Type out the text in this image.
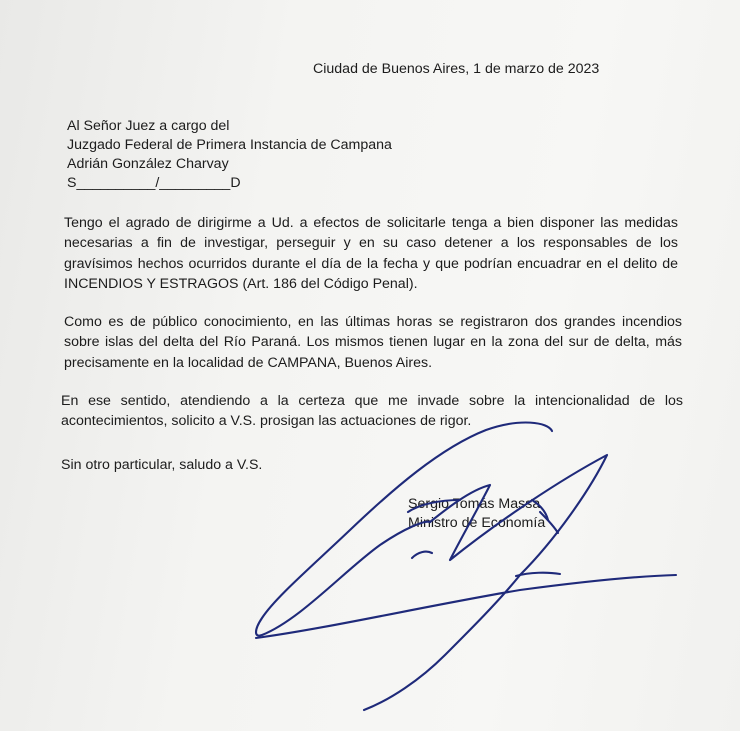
Ciudad de Buenos Aires, 1 de marzo de 2023
Al Señor Juez a cargo del
Juzgado Federal de Primera Instancia de Campana
Adrián González Charvay
S__________/_________D
Tengo el agrado de dirigirme a Ud. a efectos de solicitarle tenga a bien disponer las medidas necesarias a fin de investigar, perseguir y en su caso detener a los responsables de los gravísimos hechos ocurridos durante el día de la fecha y que podrían encuadrar en el delito de INCENDIOS Y ESTRAGOS (Art. 186 del Código Penal).
Como es de público conocimiento, en las últimas horas se registraron dos grandes incendios sobre islas del delta del Río Paraná. Los mismos tienen lugar en la zona del sur de delta, más precisamente en la localidad de CAMPANA, Buenos Aires.
En ese sentido, atendiendo a la certeza que me invade sobre la intencionalidad de los acontecimientos, solicito a V.S. prosigan las actuaciones de rigor.
Sin otro particular, saludo a V.S.
Sergio Tomás Massa
Ministro de Economía
